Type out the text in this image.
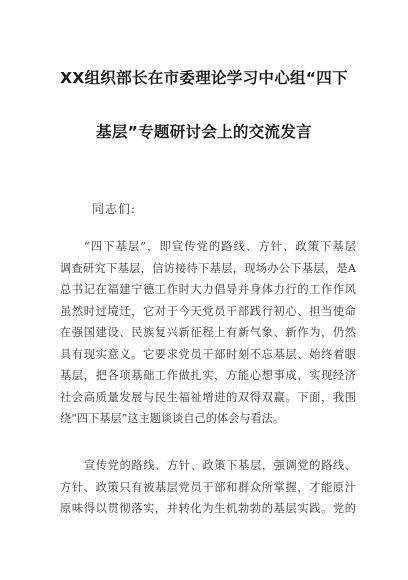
XX组织部长在市委理论学习中心组“四下
基层”专题研讨会上的交流发言
同志们:
“四下基层”，即宣传党的路线、方针、政策下基层
调查研究下基层，信访接待下基层，现场办公下基层，是A
总书记在福建宁德工作时大力倡导并身体力行的工作作风
虽然时过境迁，它对于今天党员干部践行初心、担当使命
在强国建设、民族复兴新征程上有新气象、新作为，仍然
具有现实意义。它要求党员干部时刻不忘基层、始终着眼
基层，把各项基础工作做扎实，方能心想事成，实现经济
社会高质量发展与民生福祉增进的双得双赢。下面，我围
绕“四下基层”这主题谈谈自己的体会与看法。
宣传党的路线、方针、政策下基层，强调党的路线、
方针、政策只有被基层党员干部和群众所掌握，才能原汁
原味得以贯彻落实，并转化为生机勃勃的基层实践。党的
